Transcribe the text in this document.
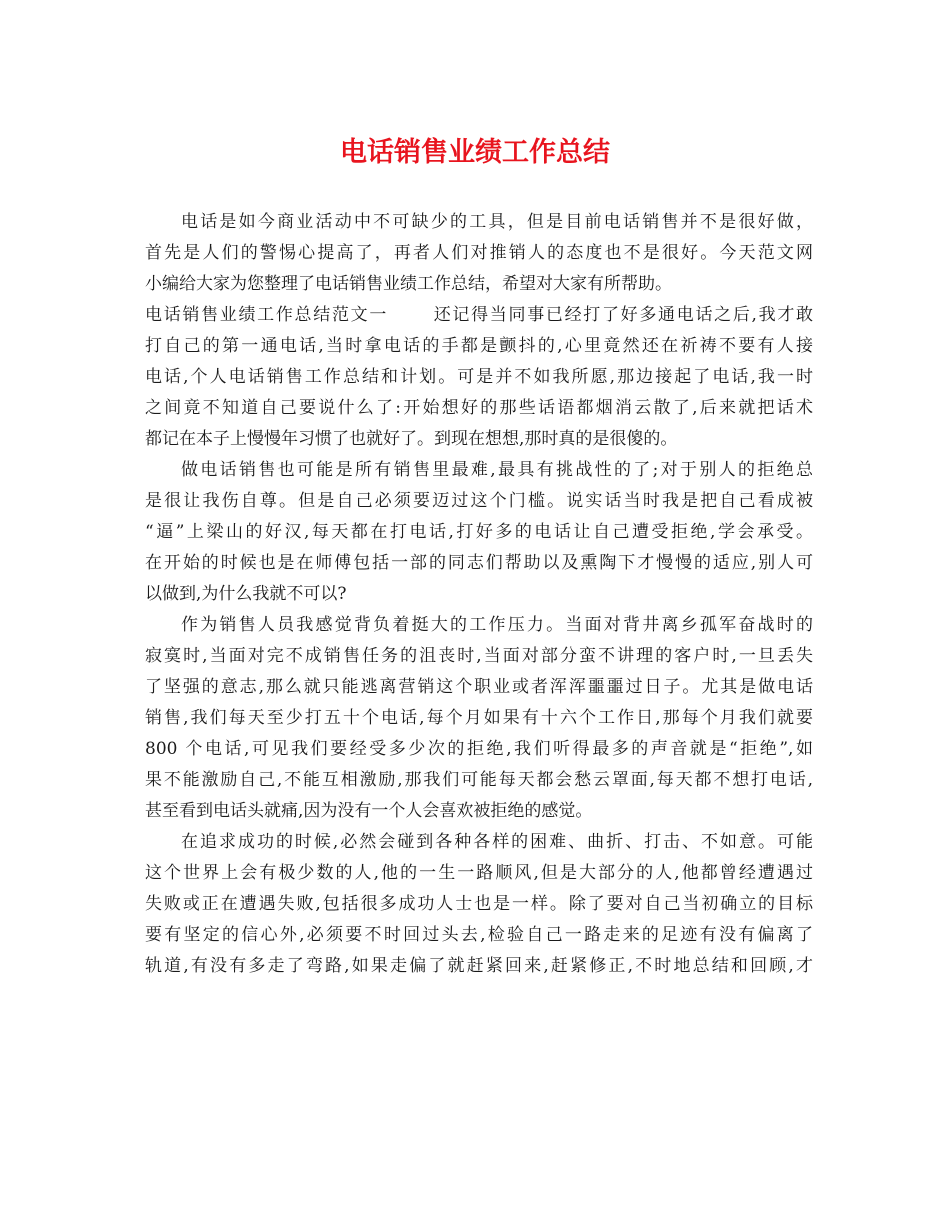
电话销售业绩工作总结
电话是如今商业活动中不可缺少的工具，但是目前电话销售并不是很好做，
首先是人们的警惕心提高了，再者人们对推销人的态度也不是很好。今天范文网
小编给大家为您整理了电话销售业绩工作总结，希望对大家有所帮助。
电话销售业绩工作总结范文一	还记得当同事已经打了好多通电话之后,我才敢
打自己的第一通电话,当时拿电话的手都是颤抖的,心里竟然还在祈祷不要有人接
电话,个人电话销售工作总结和计划。可是并不如我所愿,那边接起了电话,我一时
之间竟不知道自己要说什么了:开始想好的那些话语都烟消云散了,后来就把话术
都记在本子上慢慢年习惯了也就好了。到现在想想,那时真的是很傻的。
做电话销售也可能是所有销售里最难,最具有挑战性的了;对于别人的拒绝总
是很让我伤自尊。但是自己必须要迈过这个门槛。说实话当时我是把自己看成被
“逼”上梁山的好汉,每天都在打电话,打好多的电话让自己遭受拒绝,学会承受。
在开始的时候也是在师傅包括一部的同志们帮助以及熏陶下才慢慢的适应,别人可
以做到,为什么我就不可以?
作为销售人员我感觉背负着挺大的工作压力。当面对背井离乡孤军奋战时的
寂寞时,当面对完不成销售任务的沮丧时,当面对部分蛮不讲理的客户时,一旦丢失
了坚强的意志,那么就只能逃离营销这个职业或者浑浑噩噩过日子。尤其是做电话
销售,我们每天至少打五十个电话,每个月如果有十六个工作日,那每个月我们就要
800 个电话,可见我们要经受多少次的拒绝,我们听得最多的声音就是“拒绝”,如
果不能激励自己,不能互相激励,那我们可能每天都会愁云罩面,每天都不想打电话,
甚至看到电话头就痛,因为没有一个人会喜欢被拒绝的感觉。
在追求成功的时候,必然会碰到各种各样的困难、曲折、打击、不如意。可能
这个世界上会有极少数的人,他的一生一路顺风,但是大部分的人,他都曾经遭遇过
失败或正在遭遇失败,包括很多成功人士也是一样。除了要对自己当初确立的目标
要有坚定的信心外,必须要不时回过头去,检验自己一路走来的足迹有没有偏离了
轨道,有没有多走了弯路,如果走偏了就赶紧回来,赶紧修正,不时地总结和回顾,才
